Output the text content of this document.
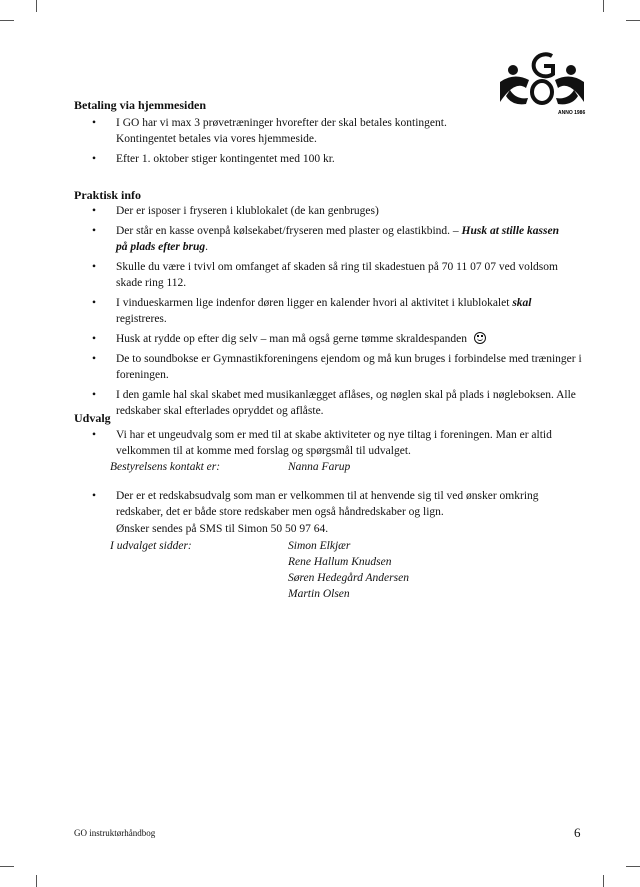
ANNO 1986
Betaling via hjemmesiden
• I GO har vi max 3 prøvetræninger hvorefter der skal betales kontingent.
Kontingentet betales via vores hjemmeside.
• Efter 1. oktober stiger kontingentet med 100 kr.
Praktisk info
• Der er isposer i fryseren i klublokalet (de kan genbruges)
• Der står en kasse ovenpå kølsekabet/fryseren med plaster og elastikbind. – Husk at stille kassen
på plads efter brug.
• Skulle du være i tvivl om omfanget af skaden så ring til skadestuen på 70 11 07 07 ved voldsom skade ring 112.
• I vindueskarmen lige indenfor døren ligger en kalender hvori al aktivitet i klublokalet skal
registreres.
• Husk at rydde op efter dig selv – man må også gerne tømme skraldespanden
• De to soundbokse er Gymnastikforeningens ejendom og må kun bruges i forbindelse med træninger i foreningen.
• I den gamle hal skal skabet med musikanlægget aflåses, og nøglen skal på plads i nøgleboksen. Alle redskaber skal efterlades opryddet og aflåste.
Udvalg
• Vi har et ungeudvalg som er med til at skabe aktiviteter og nye tiltag i foreningen. Man er altid velkommen til at komme med forslag og spørgsmål til udvalget.
Bestyrelsens kontakt er:	Nanna Farup
• Der er et redskabsudvalg som man er velkommen til at henvende sig til ved ønsker omkring redskaber, det er både store redskaber men også håndredskaber og lign.
Ønsker sendes på SMS til Simon 50 50 97 64.
I udvalget sidder:	Simon Elkjær
Rene Hallum Knudsen
Søren Hedegård Andersen
Martin Olsen
GO instruktørhåndbog	6
